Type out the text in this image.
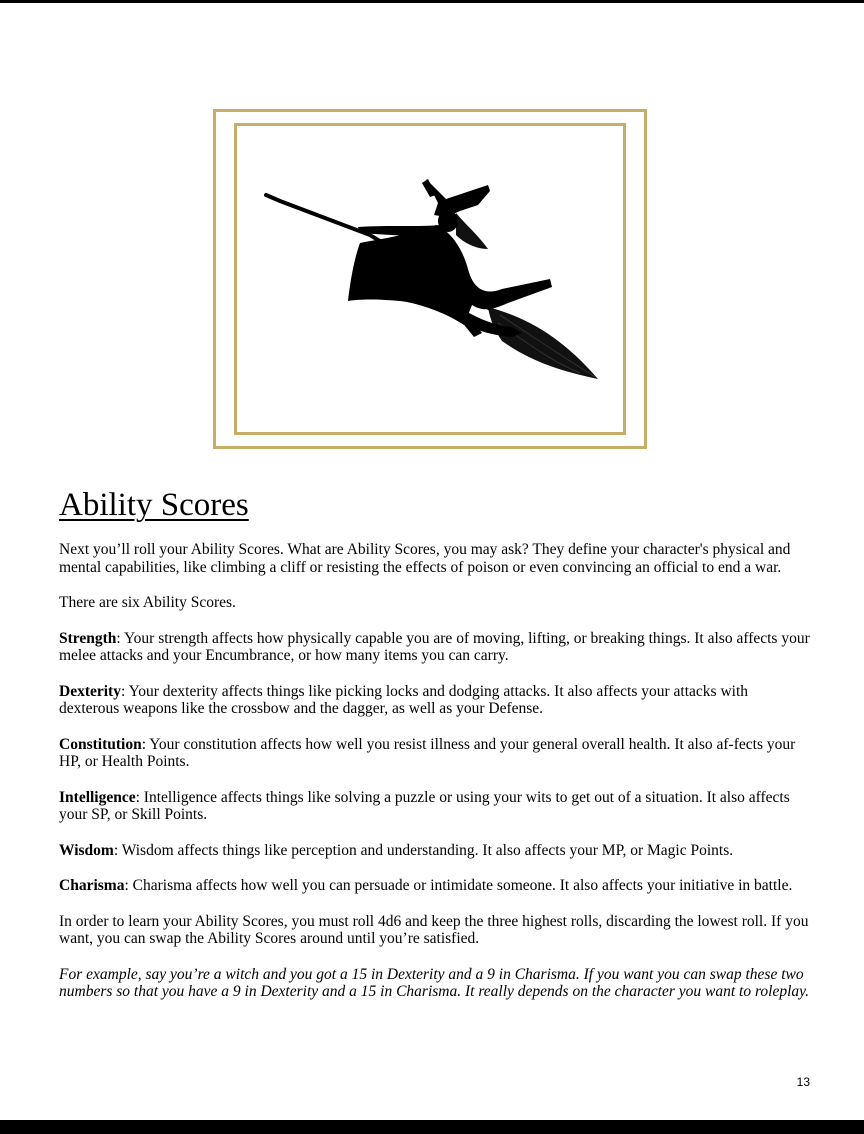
Ability Scores

Next you’ll roll your Ability Scores. What are Ability Scores, you may ask? They define your character's physical and mental capabilities, like climbing a cliff or resisting the effects of poison or even convincing an official to end a war.

There are six Ability Scores.

Strength: Your strength affects how physically capable you are of moving, lifting, or breaking things. It also affects your melee attacks and your Encumbrance, or how many items you can carry.

Dexterity: Your dexterity affects things like picking locks and dodging attacks. It also affects your attacks with dexterous weapons like the crossbow and the dagger, as well as your Defense.

Constitution: Your constitution affects how well you resist illness and your general overall health. It also af-fects your HP, or Health Points.

Intelligence: Intelligence affects things like solving a puzzle or using your wits to get out of a situation. It also affects your SP, or Skill Points.

Wisdom: Wisdom affects things like perception and understanding. It also affects your MP, or Magic Points.

Charisma: Charisma affects how well you can persuade or intimidate someone. It also affects your initiative in battle.

In order to learn your Ability Scores, you must roll 4d6 and keep the three highest rolls, discarding the lowest roll. If you want, you can swap the Ability Scores around until you’re satisfied.

For example, say you’re a witch and you got a 15 in Dexterity and a 9 in Charisma. If you want you can swap these two numbers so that you have a 9 in Dexterity and a 15 in Charisma. It really depends on the character you want to roleplay.

13
